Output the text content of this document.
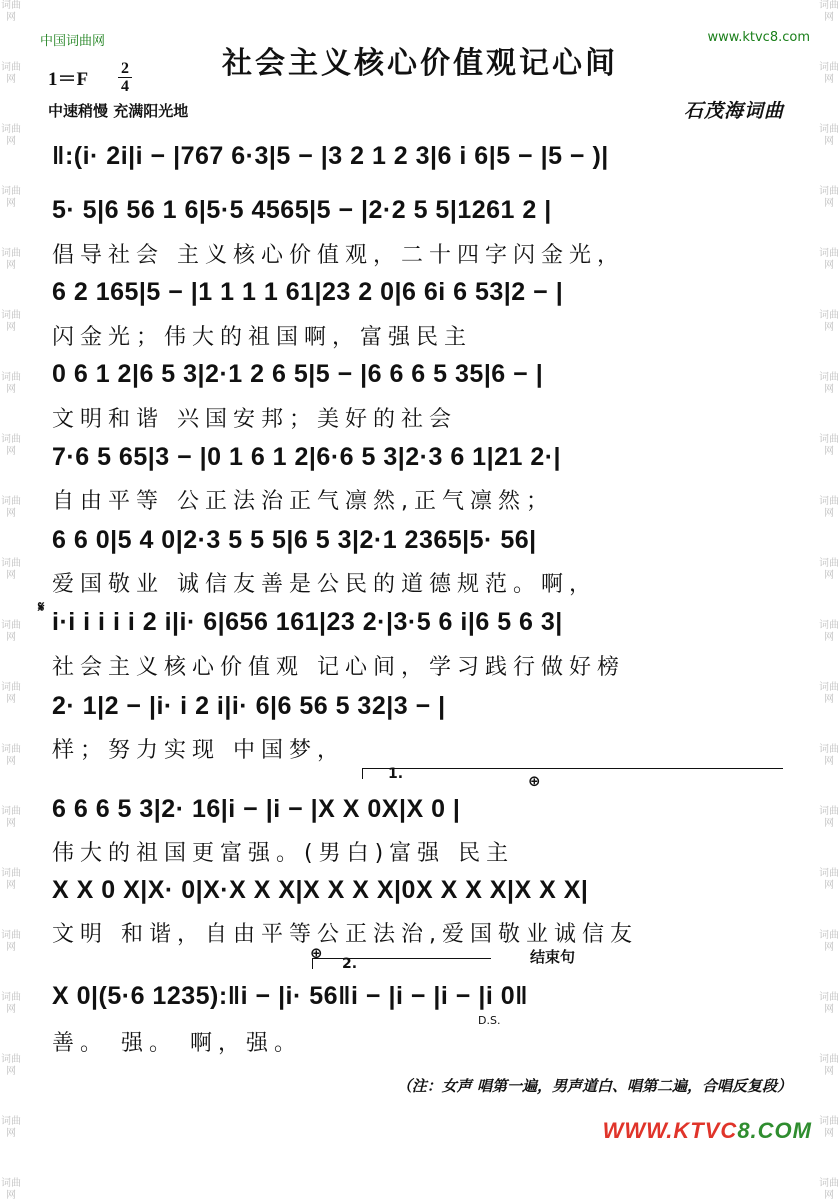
词曲网
词曲网
词曲网
词曲网
词曲网
词曲网
词曲网
词曲网
词曲网
词曲网
词曲网
词曲网
词曲网
词曲网
词曲网
词曲网
词曲网
词曲网
词曲网
词曲网
词曲网
词曲网
词曲网
词曲网
词曲网
词曲网
词曲网
词曲网
词曲网
词曲网
词曲网
词曲网
词曲网
词曲网
词曲网
词曲网
词曲网
词曲网
词曲网
词曲网
中国词曲网	www.ktvc8.com
社会主义核心价值观记心间
1＝F
2
4
中速稍慢 充满阳光地	石茂海词曲
‖:(i· 2i|i − |767 6·3|5 − |3 2 1 2 3|6 i 6|5 − |5 − )|
5· 5|6 56 1 6|5·5 4565|5 − |2·2 5 5|1261 2 |
倡导社会 主义核心价值观，二十四字闪金光，
6 2 165|5 − |1 1 1 1 61|23 2 0|6 6i 6 53|2 − |
闪金光；伟大的祖国啊，富强民主
0 6 1 2|6 5 3|2·1 2 6 5|5 − |6 6 6 5 35|6 − |
文明和谐 兴国安邦；美好的社会
7·6 5 65|3 − |0 1 6 1 2|6·6 5 3|2·3 6 1|21 2·|
自由平等 公正法治正气凛然,正气凛然；
6 6 0|5 4 0|2·3 5 5 5|6 5 3|2·1 2365|5· 56|
爱国敬业 诚信友善是公民的道德规范。啊，
𝄋
i·i i i i i 2 i|i· 6|656 161|23 2·|3·5 6 i|6 5 6 3|
社会主义核心价值观 记心间，学习践行做好榜
2· 1|2 − |i· i 2 i|i· 6|6 56 5 32|3 − |
样；努力实现 中国梦，
1.	⊕
6 6 6 5 3|2· 16|i − |i − |X X 0X|X 0 |
伟大的祖国更富强。(男白)富强 民主
X X 0 X|X· 0|X·X X X|X X X X|0X X X X|X X X|
文明 和谐，自由平等公正法治,爱国敬业诚信友
2.
⊕	结束句
X 0|(5·6 1235):‖i − |i· 56‖i − |i − |i − |i 0‖
D.S.
善。 强。 啊，强。
（注：女声 唱第一遍，男声道白、唱第二遍，合唱反复段）
WWW.KTVC8.COM
